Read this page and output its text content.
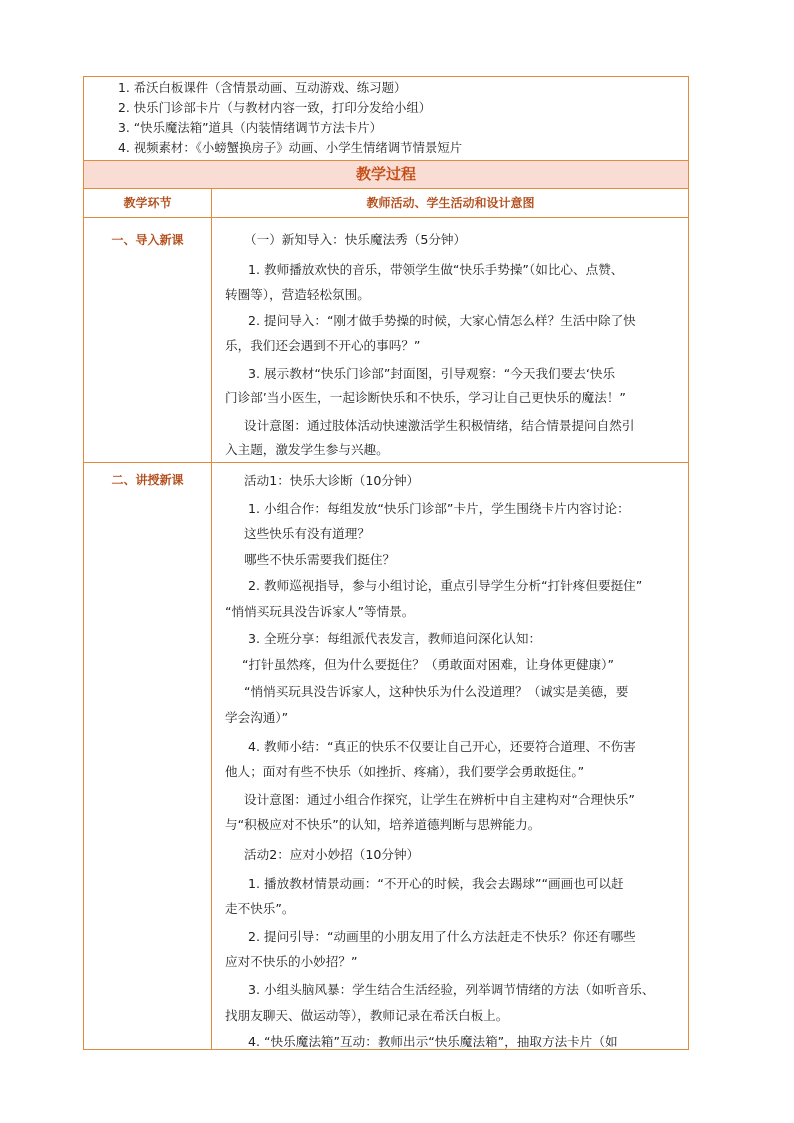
1. 希沃白板课件（含情景动画、互动游戏、练习题）
2. 快乐门诊部卡片（与教材内容一致，打印分发给小组）
3. “快乐魔法箱”道具（内装情绪调节方法卡片）
4. 视频素材：《小螃蟹换房子》动画、小学生情绪调节情景短片
教学过程
教学环节	教师活动、学生活动和设计意图
一、导入新课
二、讲授新课
（一）新知导入：快乐魔法秀（5分钟）
1. 教师播放欢快的音乐，带领学生做“快乐手势操”（如比心、点赞、
转圈等），营造轻松氛围。
2. 提问导入：“刚才做手势操的时候，大家心情怎么样？生活中除了快
乐，我们还会遇到不开心的事吗？”
3. 展示教材“快乐门诊部”封面图，引导观察：“今天我们要去‘快乐
门诊部’当小医生，一起诊断快乐和不快乐，学习让自己更快乐的魔法！”
设计意图：通过肢体活动快速激活学生积极情绪，结合情景提问自然引
入主题，激发学生参与兴趣。
活动1：快乐大诊断（10分钟）
1. 小组合作：每组发放“快乐门诊部”卡片，学生围绕卡片内容讨论：
这些快乐有没有道理？
哪些不快乐需要我们挺住？
2. 教师巡视指导，参与小组讨论，重点引导学生分析“打针疼但要挺住”
“悄悄买玩具没告诉家人”等情景。
3. 全班分享：每组派代表发言，教师追问深化认知：
“打针虽然疼，但为什么要挺住？（勇敢面对困难，让身体更健康）”
“悄悄买玩具没告诉家人，这种快乐为什么没道理？（诚实是美德，要
学会沟通）”
4. 教师小结：“真正的快乐不仅要让自己开心，还要符合道理、不伤害
他人；面对有些不快乐（如挫折、疼痛），我们要学会勇敢挺住。”
设计意图：通过小组合作探究，让学生在辨析中自主建构对“合理快乐”
与“积极应对不快乐”的认知，培养道德判断与思辨能力。
活动2：应对小妙招（10分钟）
1. 播放教材情景动画：“不开心的时候，我会去踢球”“画画也可以赶
走不快乐”。
2. 提问引导：“动画里的小朋友用了什么方法赶走不快乐？你还有哪些
应对不快乐的小妙招？”
3. 小组头脑风暴：学生结合生活经验，列举调节情绪的方法（如听音乐、
找朋友聊天、做运动等），教师记录在希沃白板上。
4. “快乐魔法箱”互动：教师出示“快乐魔法箱”，抽取方法卡片（如
